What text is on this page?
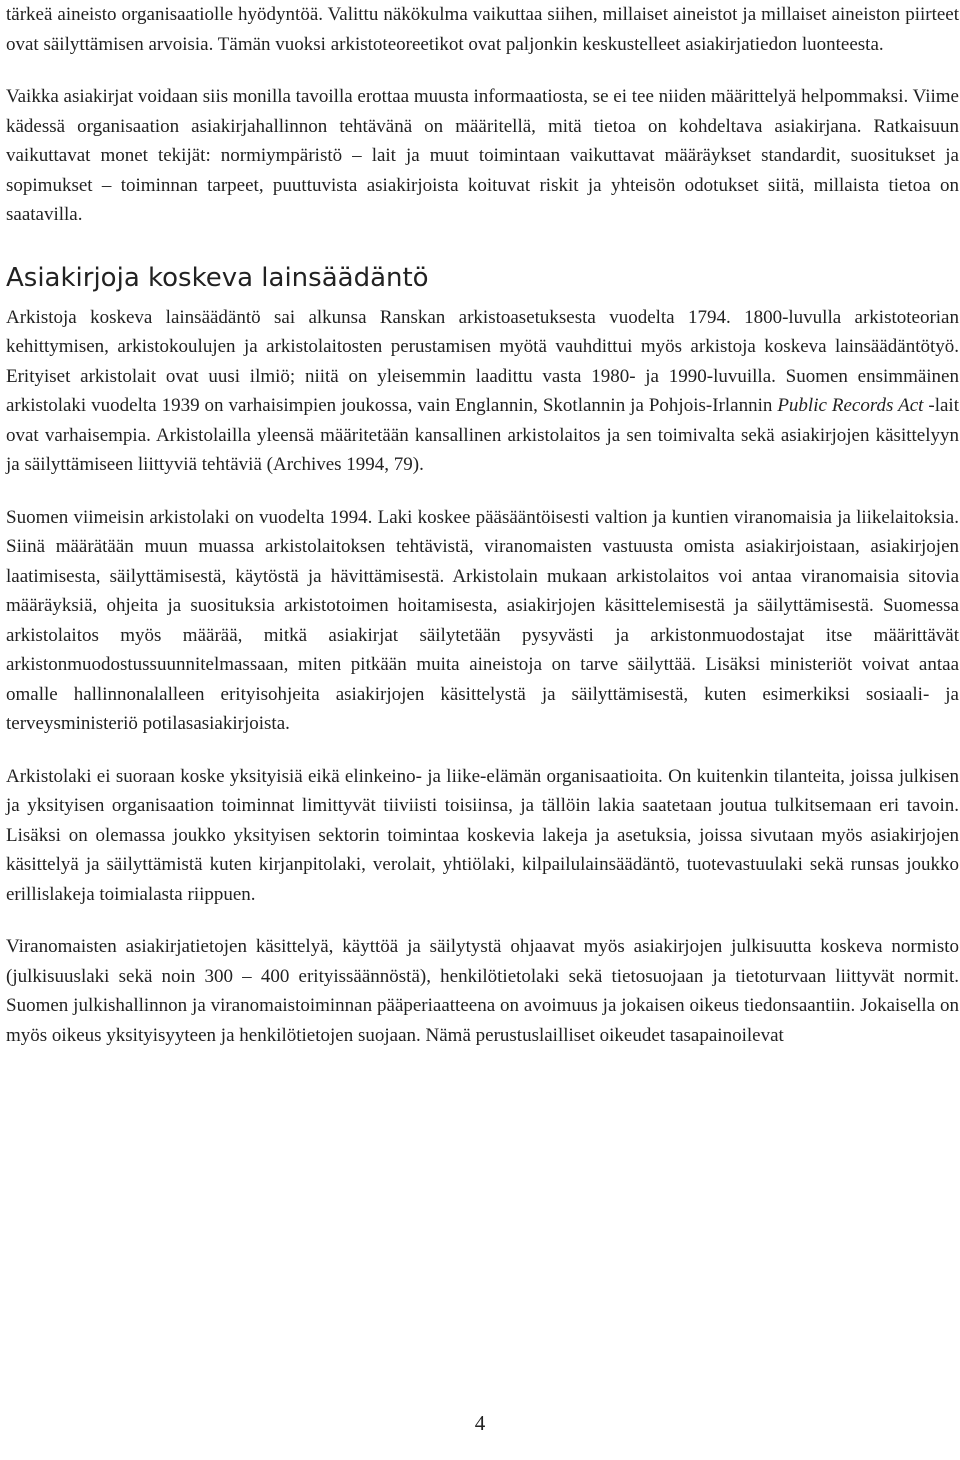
tärkeä aineisto organisaatiolle hyödyntöä. Valittu näkökulma vaikuttaa siihen, millaiset aineistot ja millaiset aineiston piirteet ovat säilyttämisen arvoisia. Tämän vuoksi arkistoteoreetikot ovat paljonkin keskustelleet asiakirjatiedon luonteesta.

Vaikka asiakirjat voidaan siis monilla tavoilla erottaa muusta informaatiosta, se ei tee niiden määrittelyä helpommaksi. Viime kädessä organisaation asiakirjahallinnon tehtävänä on määritellä, mitä tietoa on kohdeltava asiakirjana. Ratkaisuun vaikuttavat monet tekijät: normiympäristö – lait ja muut toimintaan vaikuttavat määräykset standardit, suositukset ja sopimukset – toiminnan tarpeet, puuttuvista asiakirjoista koituvat riskit ja yhteisön odotukset siitä, millaista tietoa on saatavilla.

Asiakirjoja koskeva lainsäädäntö

Arkistoja koskeva lainsäädäntö sai alkunsa Ranskan arkistoasetuksesta vuodelta 1794. 1800-luvulla arkistoteorian kehittymisen, arkistokoulujen ja arkistolaitosten perustamisen myötä vauhdittui myös arkistoja koskeva lainsäädäntötyö. Erityiset arkistolait ovat uusi ilmiö; niitä on yleisemmin laadittu vasta 1980- ja 1990-luvuilla. Suomen ensimmäinen arkistolaki vuodelta 1939 on varhaisimpien joukossa, vain Englannin, Skotlannin ja Pohjois-Irlannin Public Records Act -lait ovat varhaisempia. Arkistolailla yleensä määritetään kansallinen arkistolaitos ja sen toimivalta sekä asiakirjojen käsittelyyn ja säilyttämiseen liittyviä tehtäviä (Archives 1994, 79).

Suomen viimeisin arkistolaki on vuodelta 1994. Laki koskee pääsääntöisesti valtion ja kuntien viranomaisia ja liikelaitoksia. Siinä määrätään muun muassa arkistolaitoksen tehtävistä, viranomaisten vastuusta omista asiakirjoistaan, asiakirjojen laatimisesta, säilyttämisestä, käytöstä ja hävittämisestä. Arkistolain mukaan arkistolaitos voi antaa viranomaisia sitovia määräyksiä, ohjeita ja suosituksia arkistotoimen hoitamisesta, asiakirjojen käsittelemisestä ja säilyttämisestä. Suomessa arkistolaitos myös määrää, mitkä asiakirjat säilytetään pysyvästi ja arkistonmuodostajat itse määrittävät arkistonmuodostussuunnitelmassaan, miten pitkään muita aineistoja on tarve säilyttää. Lisäksi ministeriöt voivat antaa omalle hallinnonalalleen erityisohjeita asiakirjojen käsittelystä ja säilyttämisestä, kuten esimerkiksi sosiaali- ja terveysministeriö potilasasiakirjoista.

Arkistolaki ei suoraan koske yksityisiä eikä elinkeino- ja liike-elämän organisaatioita. On kuitenkin tilanteita, joissa julkisen ja yksityisen organisaation toiminnat limittyvät tiiviisti toisiinsa, ja tällöin lakia saatetaan joutua tulkitsemaan eri tavoin. Lisäksi on olemassa joukko yksityisen sektorin toimintaa koskevia lakeja ja asetuksia, joissa sivutaan myös asiakirjojen käsittelyä ja säilyttämistä kuten kirjanpitolaki, verolait, yhtiölaki, kilpailulainsäädäntö, tuotevastuulaki sekä runsas joukko erillislakeja toimialasta riippuen.

Viranomaisten asiakirjatietojen käsittelyä, käyttöä ja säilytystä ohjaavat myös asiakirjojen julkisuutta koskeva normisto (julkisuuslaki sekä noin 300 – 400 erityissäännöstä), henkilötietolaki sekä tietosuojaan ja tietoturvaan liittyvät normit. Suomen julkishallinnon ja viranomaistoiminnan pääperiaatteena on avoimuus ja jokaisen oikeus tiedonsaantiin. Jokaisella on myös oikeus yksityisyyteen ja henkilötietojen suojaan. Nämä perustuslailliset oikeudet tasapainoilevat

4
